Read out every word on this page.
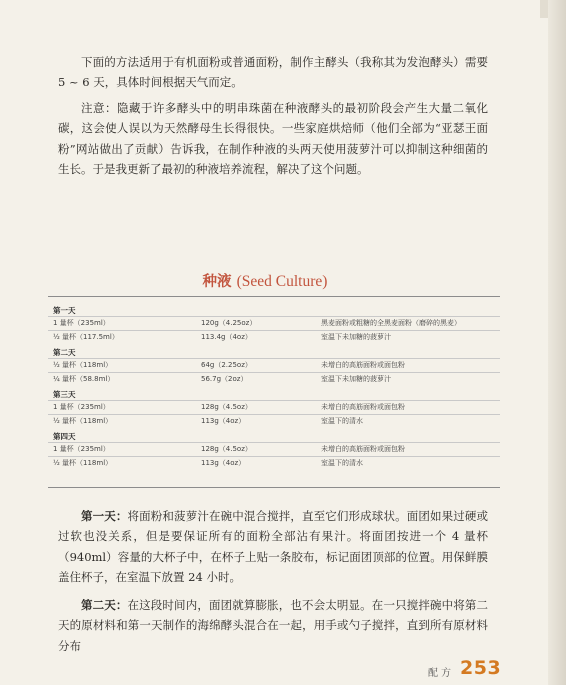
下面的方法适用于有机面粉或普通面粉，制作主酵头（我称其为发泡酵头）需要 5 ~ 6 天，具体时间根据天气而定。

注意：隐藏于许多酵头中的明串珠菌在种液酵头的最初阶段会产生大量二氧化碳，这会使人误以为天然酵母生长得很快。一些家庭烘焙师（他们全部为“亚瑟王面粉”网站做出了贡献）告诉我，在制作种液的头两天使用菠萝汁可以抑制这种细菌的生长。于是我更新了最初的种液培养流程，解决了这个问题。

种液 (Seed Culture)
第一天
1 量杯（235ml）	120g（4.25oz）	黑麦面粉或粗糖的全黑麦面粉（磨碎的黑麦）
½ 量杯（117.5ml）	113.4g（4oz）	室温下未加糖的菠萝汁
第二天
½ 量杯（118ml）	64g（2.25oz）	未增白的高筋面粉或面包粉
¼ 量杯（58.8ml）	56.7g（2oz）	室温下未加糖的菠萝汁
第三天
1 量杯（235ml）	128g（4.5oz）	未增白的高筋面粉或面包粉
½ 量杯（118ml）	113g（4oz）	室温下的清水
第四天
1 量杯（235ml）	128g（4.5oz）	未增白的高筋面粉或面包粉
½ 量杯（118ml）	113g（4oz）	室温下的清水

第一天：将面粉和菠萝汁在碗中混合搅拌，直至它们形成球状。面团如果过硬或过软也没关系，但是要保证所有的面粉全部沾有果汁。将面团按进一个 4 量杯（940ml）容量的大杯子中，在杯子上贴一条胶布，标记面团顶部的位置。用保鲜膜盖住杯子，在室温下放置 24 小时。

第二天：在这段时间内，面团就算膨胀，也不会太明显。在一只搅拌碗中将第二天的原材料和第一天制作的海绵酵头混合在一起，用手或勺子搅拌，直到所有原材料分布

配方 253
